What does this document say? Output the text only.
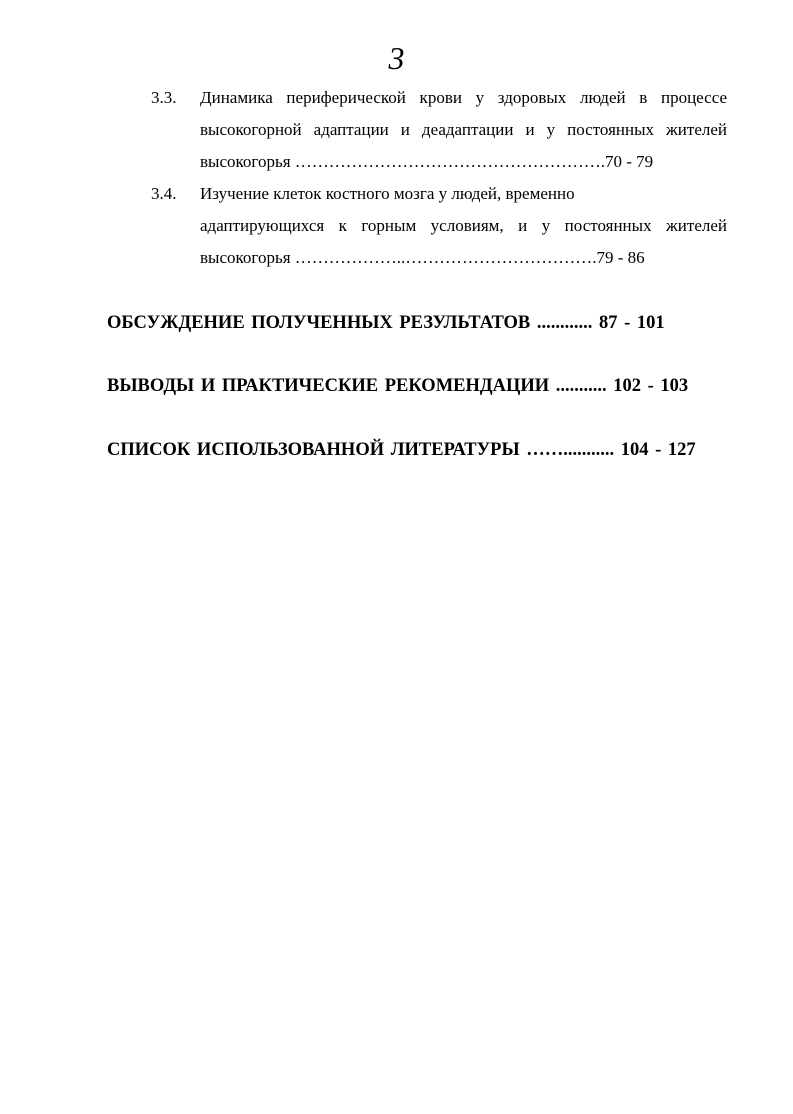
3
3.3. Динамика периферической крови у здоровых людей в процессе
высокогорной адаптации и деадаптации и у постоянных жителей
высокогорья ……………………………………………….70 - 79
3.4. Изучение клеток костного мозга у людей, временно
адаптирующихся к горным условиям, и у постоянных жителей
высокогорья ………………..…………………………….79 - 86
ОБСУЖДЕНИЕ ПОЛУЧЕННЫХ РЕЗУЛЬТАТОВ ............ 87 - 101
ВЫВОДЫ И ПРАКТИЧЕСКИЕ РЕКОМЕНДАЦИИ ........... 102 - 103
СПИСОК ИСПОЛЬЗОВАННОЙ ЛИТЕРАТУРЫ ……........... 104 - 127
